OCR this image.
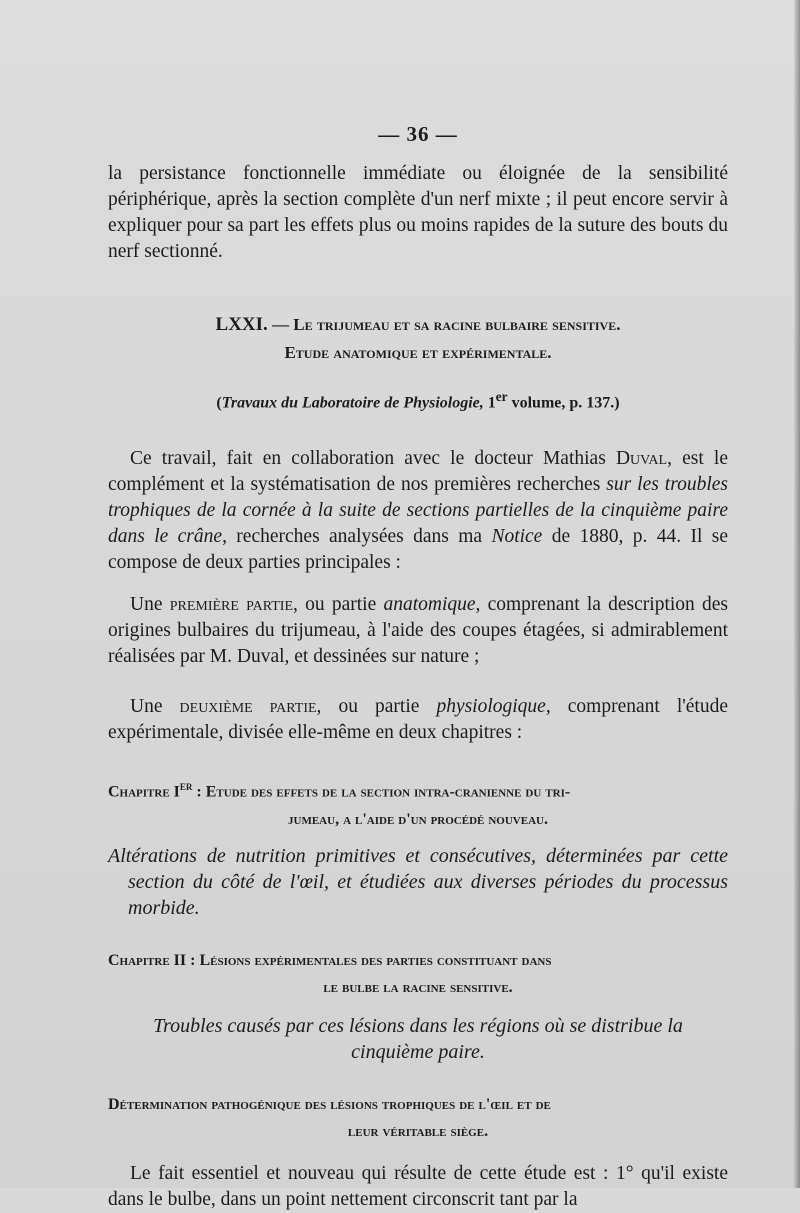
— 36 —

la persistance fonctionnelle immédiate ou éloignée de la sensibilité périphérique, après la section complète d'un nerf mixte ; il peut encore servir à expliquer pour sa part les effets plus ou moins rapides de la suture des bouts du nerf sectionné.

LXXI. — Le trijumeau et sa racine bulbaire sensitive.
Etude anatomique et expérimentale.
(Travaux du Laboratoire de Physiologie, 1er volume, p. 137.)

Ce travail, fait en collaboration avec le docteur Mathias Duval, est le complément et la systématisation de nos premières recherches sur les troubles trophiques de la cornée à la suite de sections partielles de la cinquième paire dans le crâne, recherches analysées dans ma Notice de 1880, p. 44. Il se compose de deux parties principales :

Une première partie, ou partie anatomique, comprenant la description des origines bulbaires du trijumeau, à l'aide des coupes étagées, si admirablement réalisées par M. Duval, et dessinées sur nature ;

Une deuxième partie, ou partie physiologique, comprenant l'étude expérimentale, divisée elle-même en deux chapitres :

Chapitre Ier : Etude des effets de la section intra-cranienne du tri-
jumeau, a l'aide d'un procédé nouveau.

Altérations de nutrition primitives et consécutives, déterminées par cette section du côté de l'œil, et étudiées aux diverses périodes du processus morbide.

Chapitre II : Lésions expérimentales des parties constituant dans
le bulbe la racine sensitive.
Troubles causés par ces lésions dans les régions où se distribue la
cinquième paire.
Détermination pathogénique des lésions trophiques de l'œil et de
leur véritable siège.

Le fait essentiel et nouveau qui résulte de cette étude est : 1° qu'il existe dans le bulbe, dans un point nettement circonscrit tant par la
